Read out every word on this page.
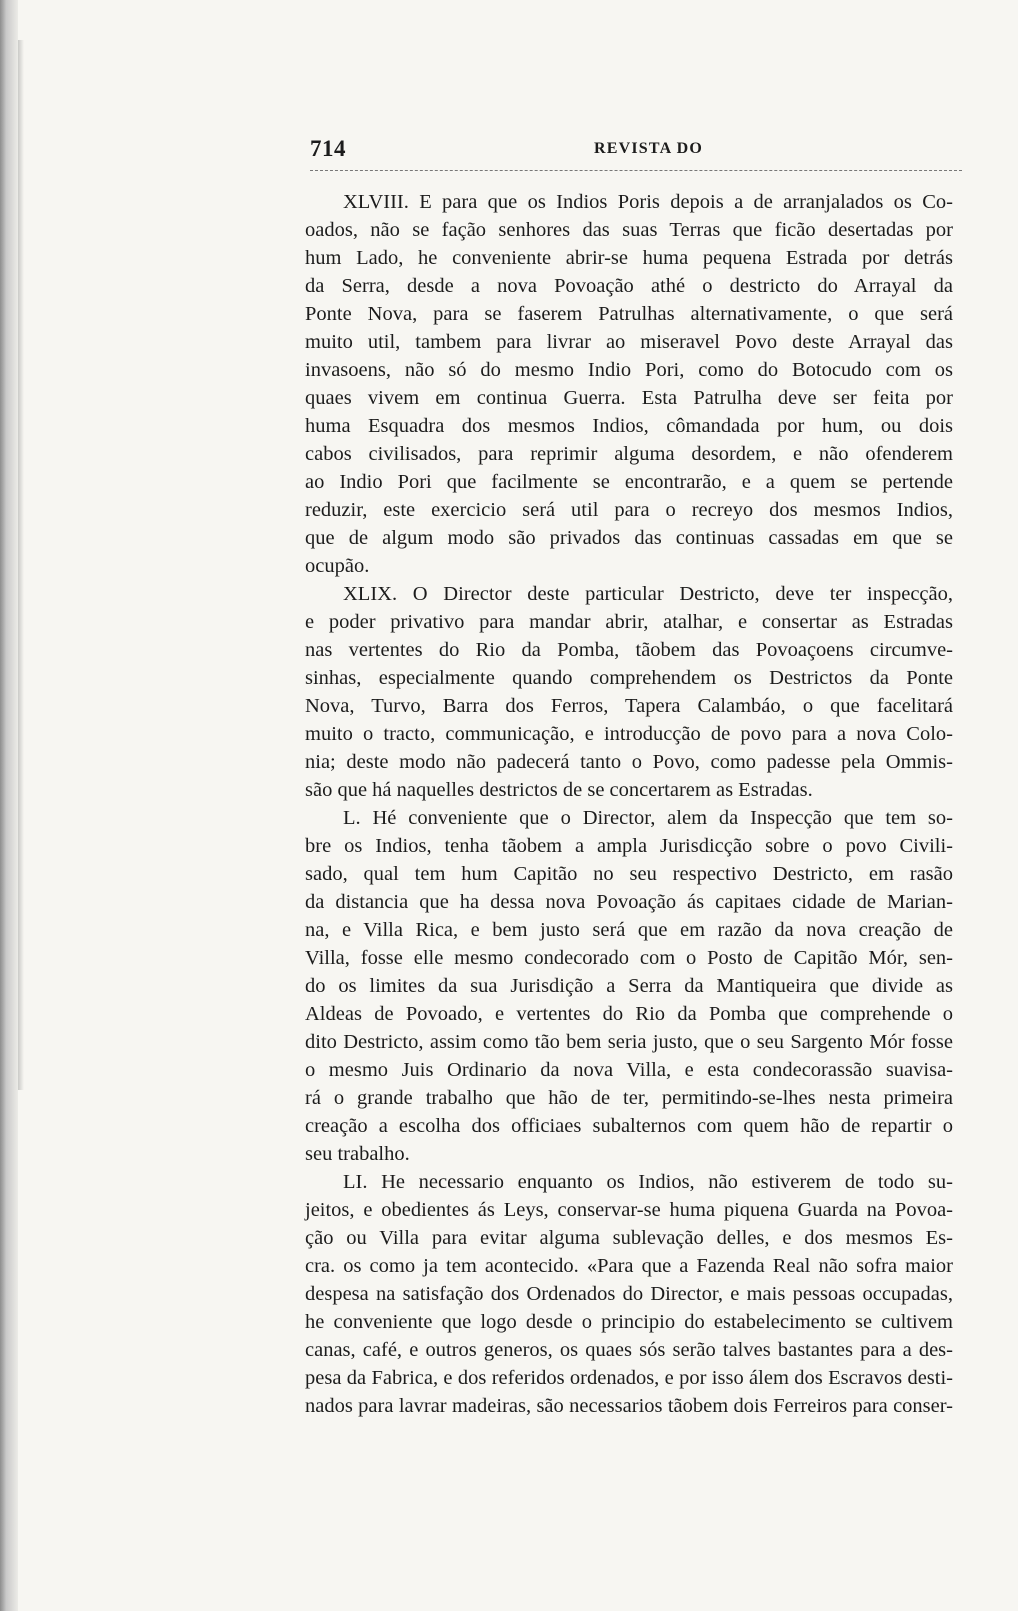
714	REVISTA DO
XLVIII. E para que os Indios Poris depois a de arranjalados os Co-
oados, não se fação senhores das suas Terras que ficão desertadas por
hum Lado, he conveniente abrir-se huma pequena Estrada por detrás
da Serra, desde a nova Povoação athé o destricto do Arrayal da
Ponte Nova, para se faserem Patrulhas alternativamente, o que será
muito util, tambem para livrar ao miseravel Povo deste Arrayal das
invasoens, não só do mesmo Indio Pori, como do Botocudo com os
quaes vivem em continua Guerra. Esta Patrulha deve ser feita por
huma Esquadra dos mesmos Indios, cômandada por hum, ou dois
cabos civilisados, para reprimir alguma desordem, e não ofenderem
ao Indio Pori que facilmente se encontrarão, e a quem se pertende
reduzir, este exercicio será util para o recreyo dos mesmos Indios,
que de algum modo são privados das continuas cassadas em que se
ocupão.
XLIX. O Director deste particular Destricto, deve ter inspecção,
e poder privativo para mandar abrir, atalhar, e consertar as Estradas
nas vertentes do Rio da Pomba, tãobem das Povoaçoens circumve-
sinhas, especialmente quando comprehendem os Destrictos da Ponte
Nova, Turvo, Barra dos Ferros, Tapera Calambáo, o que facelitará
muito o tracto, communicação, e introducção de povo para a nova Colo-
nia; deste modo não padecerá tanto o Povo, como padesse pela Ommis-
são que há naquelles destrictos de se concertarem as Estradas.
L. Hé conveniente que o Director, alem da Inspecção que tem so-
bre os Indios, tenha tãobem a ampla Jurisdicção sobre o povo Civili-
sado, qual tem hum Capitão no seu respectivo Destricto, em rasão
da distancia que ha dessa nova Povoação ás capitaes cidade de Marian-
na, e Villa Rica, e bem justo será que em razão da nova creação de
Villa, fosse elle mesmo condecorado com o Posto de Capitão Mór, sen-
do os limites da sua Jurisdição a Serra da Mantiqueira que divide as
Aldeas de Povoado, e vertentes do Rio da Pomba que comprehende o
dito Destricto, assim como tão bem seria justo, que o seu Sargento Mór fosse
o mesmo Juis Ordinario da nova Villa, e esta condecorassão suavisa-
rá o grande trabalho que hão de ter, permitindo-se-lhes nesta primeira
creação a escolha dos officiaes subalternos com quem hão de repartir o
seu trabalho.
LI. He necessario enquanto os Indios, não estiverem de todo su-
jeitos, e obedientes ás Leys, conservar-se huma piquena Guarda na Povoa-
ção ou Villa para evitar alguma sublevação delles, e dos mesmos Es-
cra. os como ja tem acontecido. «Para que a Fazenda Real não sofra maior
despesa na satisfação dos Ordenados do Director, e mais pessoas occupadas,
he conveniente que logo desde o principio do estabelecimento se cultivem
canas, café, e outros generos, os quaes sós serão talves bastantes para a des-
pesa da Fabrica, e dos referidos ordenados, e por isso álem dos Escravos desti-
nados para lavrar madeiras, são necessarios tãobem dois Ferreiros para conser-
